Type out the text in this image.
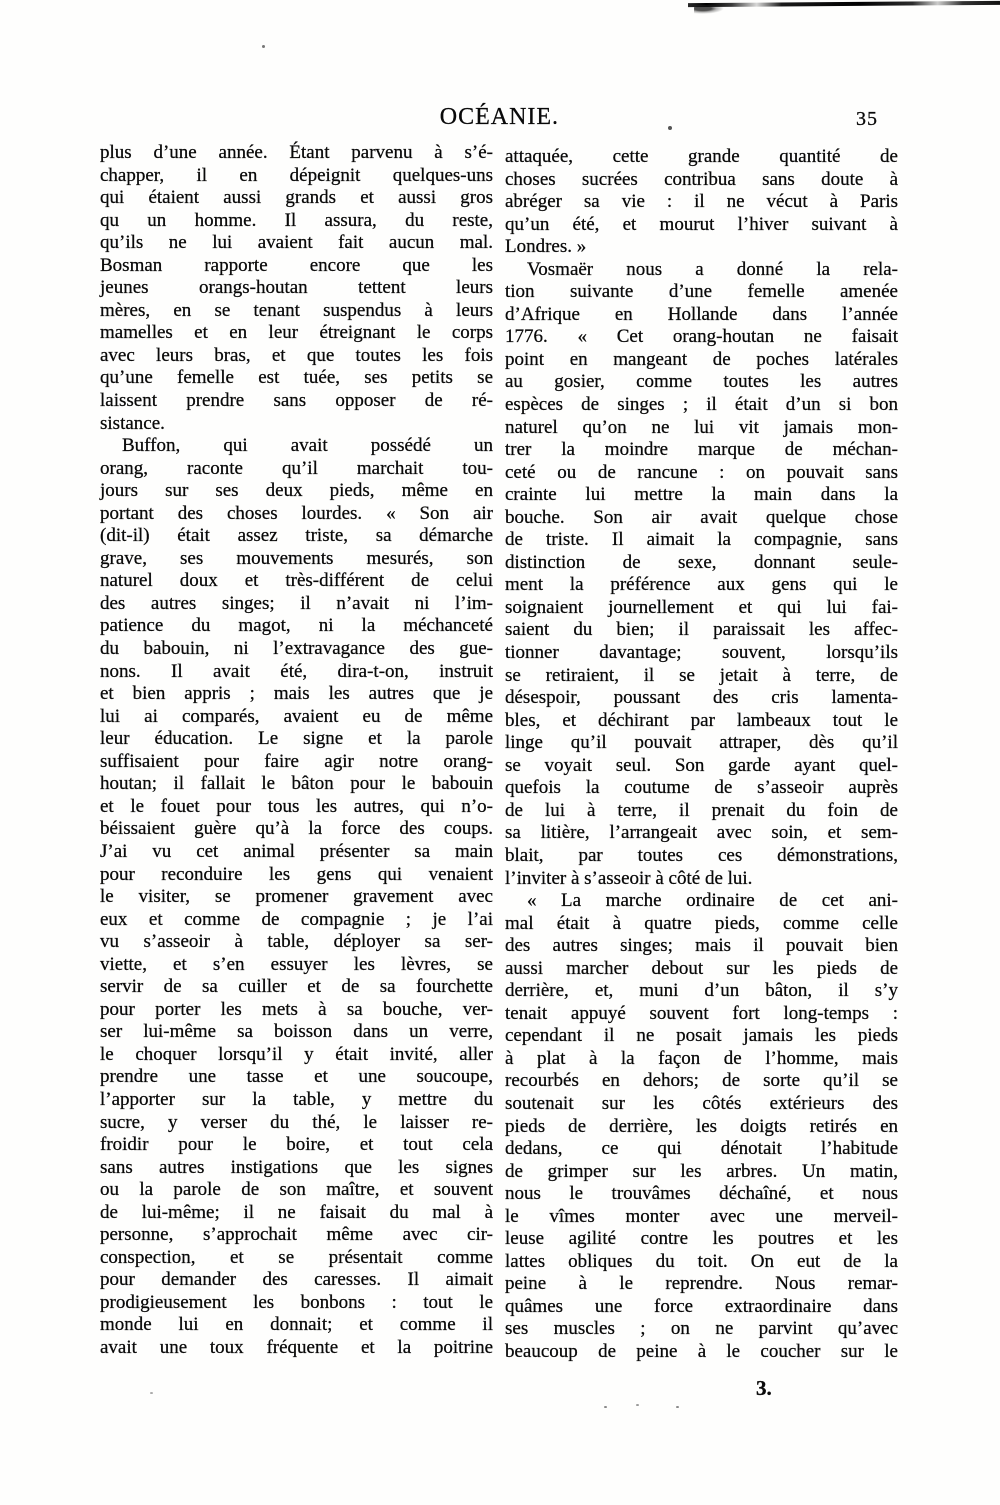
OCÉANIE.	35
plus d’une année. Étant parvenu à s’é-
chapper, il en dépeignit quelques-uns
qui étaient aussi grands et aussi gros
qu un homme. Il assura, du reste,
qu’ils ne lui avaient fait aucun mal.
Bosman rapporte encore que les
jeunes orangs-houtan tettent leurs
mères, en se tenant suspendus à leurs
mamelles et en leur étreignant le corps
avec leurs bras, et que toutes les fois
qu’une femelle est tuée, ses petits se
laissent prendre sans opposer de ré-
sistance.
Buffon, qui avait possédé un
orang, raconte qu’il marchait tou-
jours sur ses deux pieds, même en
portant des choses lourdes. « Son air
(dit-il) était assez triste, sa démarche
grave, ses mouvements mesurés, son
naturel doux et très-différent de celui
des autres singes; il n’avait ni l’im-
patience du magot, ni la méchanceté
du babouin, ni l’extravagance des gue-
nons. Il avait été, dira-t-on, instruit
et bien appris ; mais les autres que je
lui ai comparés, avaient eu de même
leur éducation. Le signe et la parole
suffisaient pour faire agir notre orang-
houtan; il fallait le bâton pour le babouin
et le fouet pour tous les autres, qui n’o-
béissaient guère qu’à la force des coups.
J’ai vu cet animal présenter sa main
pour reconduire les gens qui venaient
le visiter, se promener gravement avec
eux et comme de compagnie ; je l’ai
vu s’asseoir à table, déployer sa ser-
viette, et s’en essuyer les lèvres, se
servir de sa cuiller et de sa fourchette
pour porter les mets à sa bouche, ver-
ser lui-même sa boisson dans un verre,
le choquer lorsqu’il y était invité, aller
prendre une tasse et une soucoupe,
l’apporter sur la table, y mettre du
sucre, y verser du thé, le laisser re-
froidir pour le boire, et tout cela
sans autres instigations que les signes
ou la parole de son maître, et souvent
de lui-même; il ne faisait du mal à
personne, s’approchait même avec cir-
conspection, et se présentait comme
pour demander des caresses. Il aimait
prodigieusement les bonbons : tout le
monde lui en donnait; et comme il
avait une toux fréquente et la poitrine
attaquée, cette grande quantité de
choses sucrées contribua sans doute à
abréger sa vie : il ne vécut à Paris
qu’un été, et mourut l’hiver suivant à
Londres. »
Vosmaër nous a donné la rela-
tion suivante d’une femelle amenée
d’Afrique en Hollande dans l’année
1776. « Cet orang-houtan ne faisait
point en mangeant de poches latérales
au gosier, comme toutes les autres
espèces de singes ; il était d’un si bon
naturel qu’on ne lui vit jamais mon-
trer la moindre marque de méchan-
ceté ou de rancune : on pouvait sans
crainte lui mettre la main dans la
bouche. Son air avait quelque chose
de triste. Il aimait la compagnie, sans
distinction de sexe, donnant seule-
ment la préférence aux gens qui le
soignaient journellement et qui lui fai-
saient du bien; il paraissait les affec-
tionner davantage; souvent, lorsqu’ils
se retiraient, il se jetait à terre, de
désespoir, poussant des cris lamenta-
bles, et déchirant par lambeaux tout le
linge qu’il pouvait attraper, dès qu’il
se voyait seul. Son garde ayant quel-
quefois la coutume de s’asseoir auprès
de lui à terre, il prenait du foin de
sa litière, l’arrangeait avec soin, et sem-
blait, par toutes ces démonstrations,
l’inviter à s’asseoir à côté de lui.
« La marche ordinaire de cet ani-
mal était à quatre pieds, comme celle
des autres singes; mais il pouvait bien
aussi marcher debout sur les pieds de
derrière, et, muni d’un bâton, il s’y
tenait appuyé souvent fort long-temps :
cependant il ne posait jamais les pieds
à plat à la façon de l’homme, mais
recourbés en dehors; de sorte qu’il se
soutenait sur les côtés extérieurs des
pieds de derrière, les doigts retirés en
dedans, ce qui dénotait l’habitude
de grimper sur les arbres. Un matin,
nous le trouvâmes déchaîné, et nous
le vîmes monter avec une merveil-
leuse agilité contre les poutres et les
lattes obliques du toit. On eut de la
peine à le reprendre. Nous remar-
quâmes une force extraordinaire dans
ses muscles ; on ne parvint qu’avec
beaucoup de peine à le coucher sur le
3.
